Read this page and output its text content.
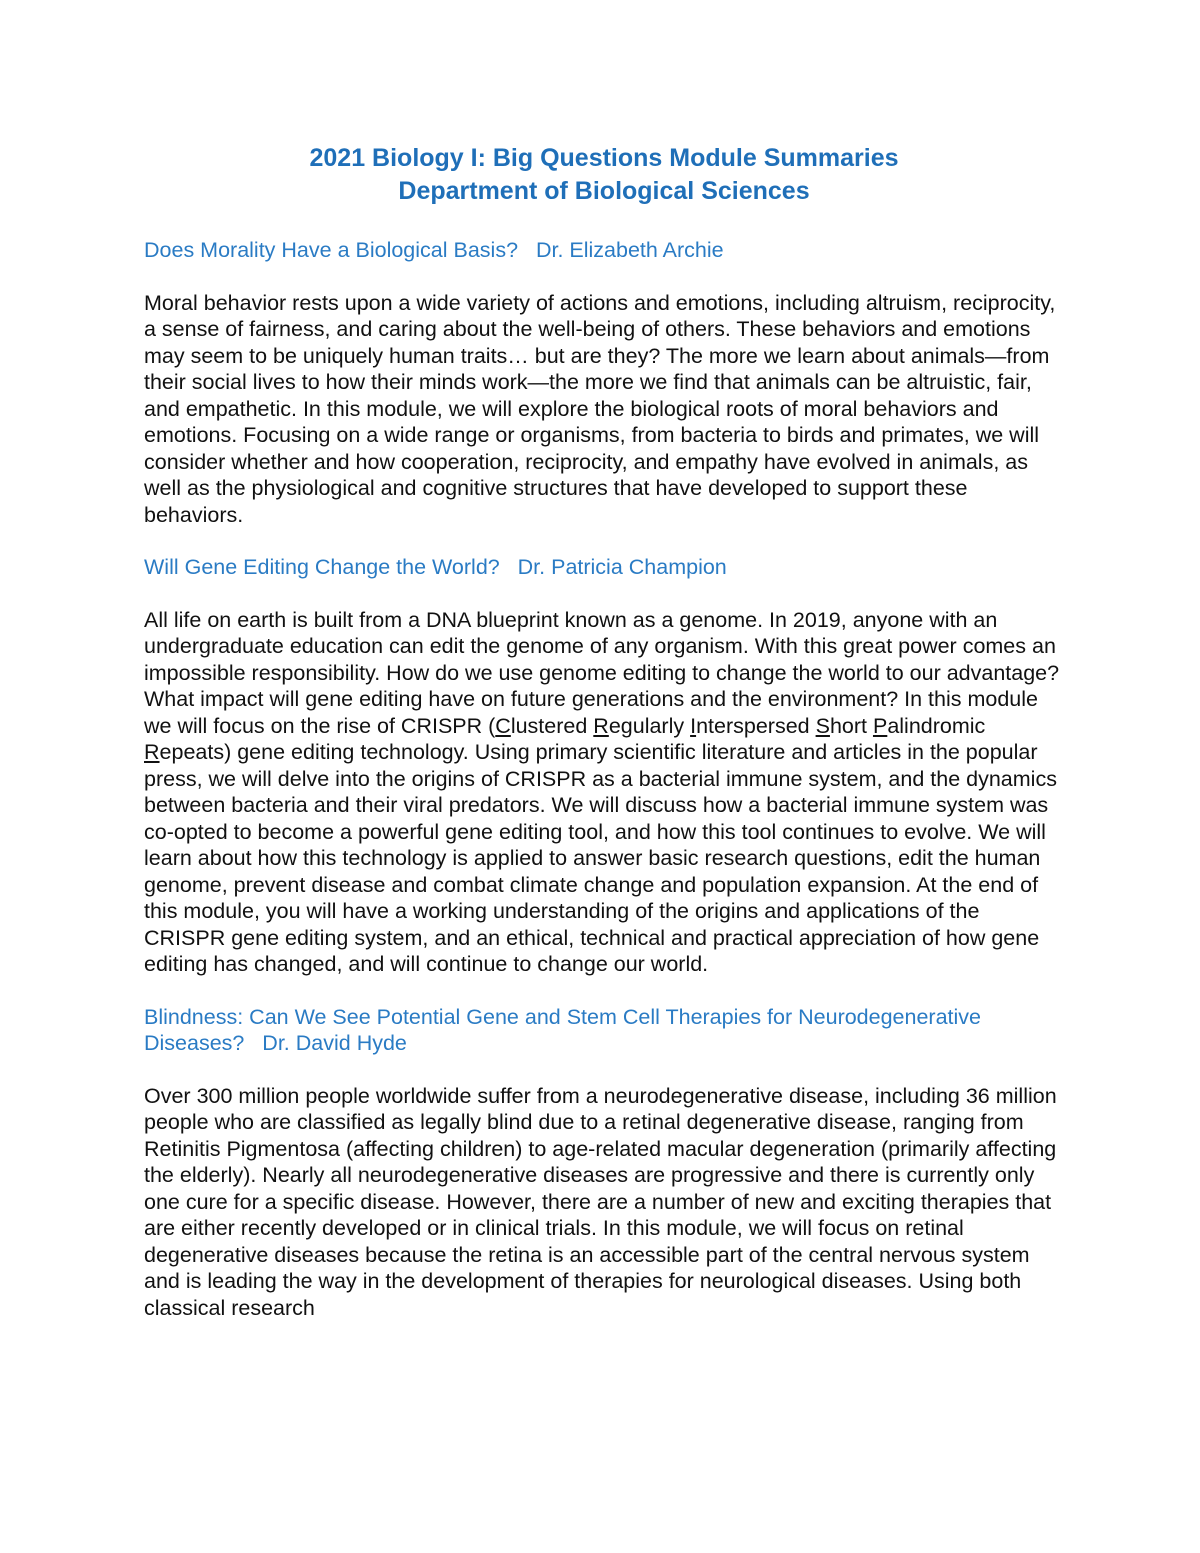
2021 Biology I: Big Questions Module Summaries
Department of Biological Sciences

Does Morality Have a Biological Basis?   Dr. Elizabeth Archie

Moral behavior rests upon a wide variety of actions and emotions, including altruism, reciprocity, a sense of fairness, and caring about the well-being of others. These behaviors and emotions may seem to be uniquely human traits… but are they? The more we learn about animals—from their social lives to how their minds work—the more we find that animals can be altruistic, fair, and empathetic. In this module, we will explore the biological roots of moral behaviors and emotions. Focusing on a wide range or organisms, from bacteria to birds and primates, we will consider whether and how cooperation, reciprocity, and empathy have evolved in animals, as well as the physiological and cognitive structures that have developed to support these behaviors.

Will Gene Editing Change the World?   Dr. Patricia Champion

All life on earth is built from a DNA blueprint known as a genome. In 2019, anyone with an undergraduate education can edit the genome of any organism. With this great power comes an impossible responsibility. How do we use genome editing to change the world to our advantage? What impact will gene editing have on future generations and the environment? In this module we will focus on the rise of CRISPR (Clustered Regularly Interspersed Short Palindromic Repeats) gene editing technology. Using primary scientific literature and articles in the popular press, we will delve into the origins of CRISPR as a bacterial immune system, and the dynamics between bacteria and their viral predators. We will discuss how a bacterial immune system was co-opted to become a powerful gene editing tool, and how this tool continues to evolve. We will learn about how this technology is applied to answer basic research questions, edit the human genome, prevent disease and combat climate change and population expansion. At the end of this module, you will have a working understanding of the origins and applications of the CRISPR gene editing system, and an ethical, technical and practical appreciation of how gene editing has changed, and will continue to change our world.

Blindness: Can We See Potential Gene and Stem Cell Therapies for Neurodegenerative Diseases?   Dr. David Hyde

Over 300 million people worldwide suffer from a neurodegenerative disease, including 36 million people who are classified as legally blind due to a retinal degenerative disease, ranging from Retinitis Pigmentosa (affecting children) to age-related macular degeneration (primarily affecting the elderly). Nearly all neurodegenerative diseases are progressive and there is currently only one cure for a specific disease. However, there are a number of new and exciting therapies that are either recently developed or in clinical trials. In this module, we will focus on retinal degenerative diseases because the retina is an accessible part of the central nervous system and is leading the way in the development of therapies for neurological diseases. Using both classical research
